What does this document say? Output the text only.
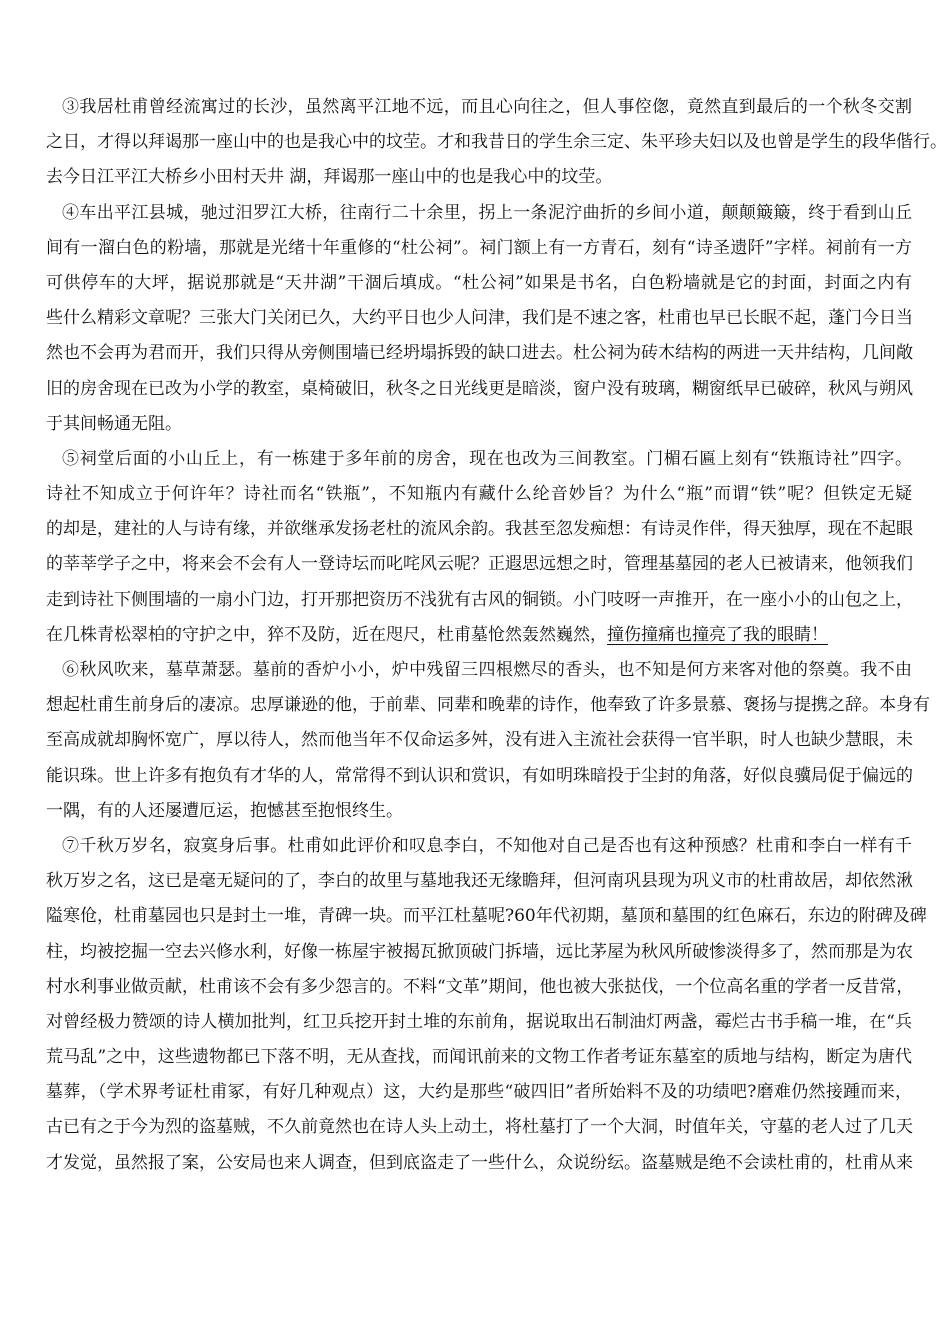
③我居杜甫曾经流寓过的长沙，虽然离平江地不远，而且心向往之，但人事倥偬，竟然直到最后的一个秋冬交割
之日，才得以拜谒那一座山中的也是我心中的坟茔。才和我昔日的学生余三定、朱平珍夫妇以及也曾是学生的段华偕行。
去今日江平江大桥乡小田村天井 湖，拜谒那一座山中的也是我心中的坟茔。
④车出平江县城，驰过汨罗江大桥，往南行二十余里，拐上一条泥泞曲折的乡间小道，颠颠簸簸，终于看到山丘
间有一溜白色的粉墙，那就是光绪十年重修的“杜公祠”。祠门额上有一方青石，刻有“诗圣遗阡”字样。祠前有一方
可供停车的大坪，据说那就是“天井湖”干涸后填成。“杜公祠”如果是书名，白色粉墙就是它的封面，封面之内有
些什么精彩文章呢？三张大门关闭已久，大约平日也少人问津，我们是不速之客，杜甫也早已长眠不起，蓬门今日当
然也不会再为君而开，我们只得从旁侧围墙已经坍塌拆毁的缺口进去。杜公祠为砖木结构的两进一天井结构，几间敞
旧的房舍现在已改为小学的教室，桌椅破旧，秋冬之日光线更是暗淡，窗户没有玻璃，糊窗纸早已破碎，秋风与朔风
于其间畅通无阻。
⑤祠堂后面的小山丘上，有一栋建于多年前的房舍，现在也改为三间教室。门楣石匾上刻有“铁瓶诗社”四字。
诗社不知成立于何许年？诗社而名“铁瓶”，不知瓶内有藏什么纶音妙旨？为什么“瓶”而谓“铁”呢？但铁定无疑
的却是，建社的人与诗有缘，并欲继承发扬老杜的流风余韵。我甚至忽发痴想：有诗灵作伴，得天独厚，现在不起眼
的莘莘学子之中，将来会不会有人一登诗坛而叱咤风云呢？正遐思远想之时，管理基墓园的老人已被请来，他领我们
走到诗社下侧围墙的一扇小门边，打开那把资历不浅犹有古风的铜锁。小门吱呀一声推开，在一座小小的山包之上，
在几株青松翠柏的守护之中，猝不及防，近在咫尺，杜甫墓怆然轰然巍然，撞伤撞痛也撞亮了我的眼睛！
⑥秋风吹来，墓草萧瑟。墓前的香炉小小，炉中残留三四根燃尽的香头，也不知是何方来客对他的祭奠。我不由
想起杜甫生前身后的凄凉。忠厚谦逊的他，于前辈、同辈和晚辈的诗作，他奉致了许多景慕、褒扬与提携之辞。本身有
至高成就却胸怀宽广，厚以待人，然而他当年不仅命运多舛，没有进入主流社会获得一官半职，时人也缺少慧眼，未
能识珠。世上许多有抱负有才华的人，常常得不到认识和赏识，有如明珠暗投于尘封的角落，好似良骥局促于偏远的
一隅，有的人还屡遭厄运，抱憾甚至抱恨终生。
⑦千秋万岁名，寂寞身后事。杜甫如此评价和叹息李白，不知他对自己是否也有这种预感？杜甫和李白一样有千
秋万岁之名，这已是毫无疑问的了，李白的故里与墓地我还无缘瞻拜，但河南巩县现为巩义市的杜甫故居，却依然湫
隘寒伧，杜甫墓园也只是封土一堆，青碑一块。而平江杜墓呢?60年代初期，墓顶和墓围的红色麻石，东边的附碑及碑
柱，均被挖掘一空去兴修水利，好像一栋屋宇被揭瓦掀顶破门拆墙，远比茅屋为秋风所破惨淡得多了，然而那是为农
村水利事业做贡献，杜甫该不会有多少怨言的。不料“文革”期间，他也被大张挞伐，一个位高名重的学者一反昔常，
对曾经极力赞颂的诗人横加批判，红卫兵挖开封土堆的东前角，据说取出石制油灯两盏，霉烂古书手稿一堆，在“兵
荒马乱”之中，这些遗物都已下落不明，无从查找，而闻讯前来的文物工作者考证东墓室的质地与结构，断定为唐代
墓葬，（学术界考证杜甫冢，有好几种观点）这，大约是那些“破四旧”者所始料不及的功绩吧?磨难仍然接踵而来，
古已有之于今为烈的盗墓贼，不久前竟然也在诗人头上动土，将杜墓打了一个大洞，时值年关，守墓的老人过了几天
才发觉，虽然报了案，公安局也来人调查，但到底盗走了一些什么，众说纷纭。盗墓贼是绝不会读杜甫的，杜甫从来
